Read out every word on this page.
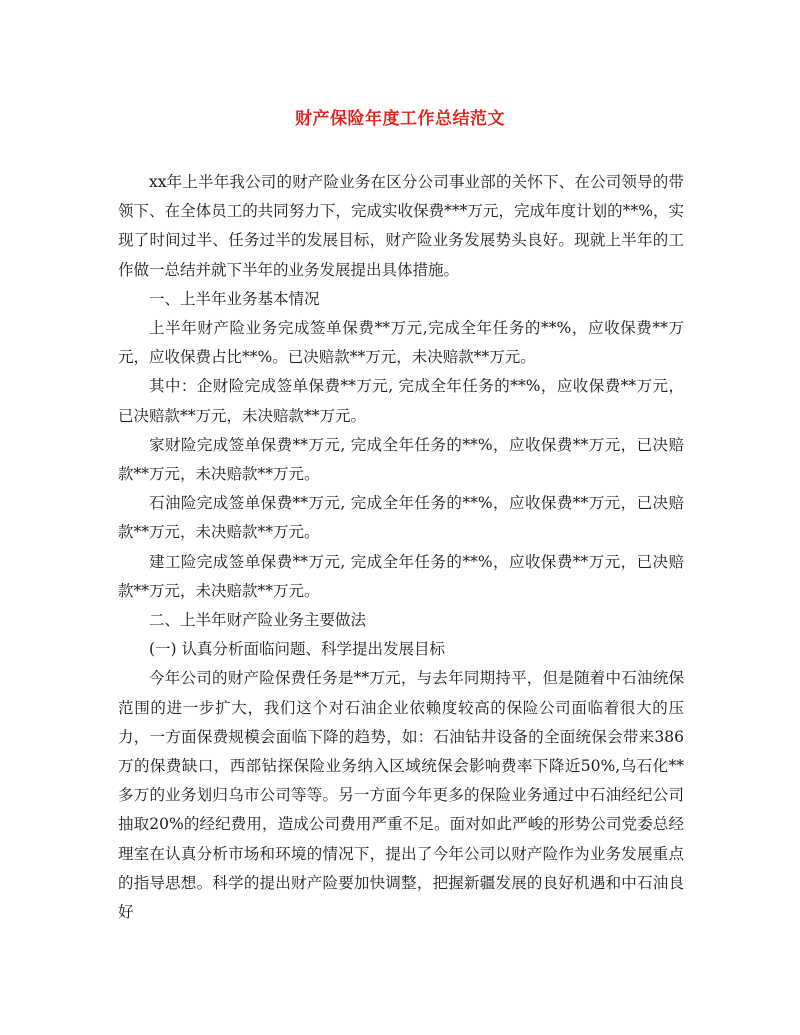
财产保险年度工作总结范文

xx年上半年我公司的财产险业务在区分公司事业部的关怀下、在公司领导的带领下、在全体员工的共同努力下，完成实收保费***万元，完成年度计划的**%，实现了时间过半、任务过半的发展目标，财产险业务发展势头良好。现就上半年的工作做一总结并就下半年的业务发展提出具体措施。

一、上半年业务基本情况

上半年财产险业务完成签单保费**万元,完成全年任务的**%，应收保费**万元，应收保费占比**%。已决赔款**万元，未决赔款**万元。

其中：企财险完成签单保费**万元, 完成全年任务的**%，应收保费**万元，已决赔款**万元，未决赔款**万元。

家财险完成签单保费**万元, 完成全年任务的**%，应收保费**万元，已决赔款**万元，未决赔款**万元。

石油险完成签单保费**万元, 完成全年任务的**%，应收保费**万元，已决赔款**万元，未决赔款**万元。

建工险完成签单保费**万元, 完成全年任务的**%，应收保费**万元，已决赔款**万元，未决赔款**万元。

二、上半年财产险业务主要做法

(一) 认真分析面临问题、科学提出发展目标

今年公司的财产险保费任务是**万元，与去年同期持平，但是随着中石油统保范围的进一步扩大，我们这个对石油企业依赖度较高的保险公司面临着很大的压力，一方面保费规模会面临下降的趋势，如：石油钻井设备的全面统保会带来386万的保费缺口，西部钻探保险业务纳入区域统保会影响费率下降近50%,乌石化**多万的业务划归乌市公司等等。另一方面今年更多的保险业务通过中石油经纪公司抽取20%的经纪费用，造成公司费用严重不足。面对如此严峻的形势公司党委总经理室在认真分析市场和环境的情况下，提出了今年公司以财产险作为业务发展重点的指导思想。科学的提出财产险要加快调整，把握新疆发展的良好机遇和中石油良好
